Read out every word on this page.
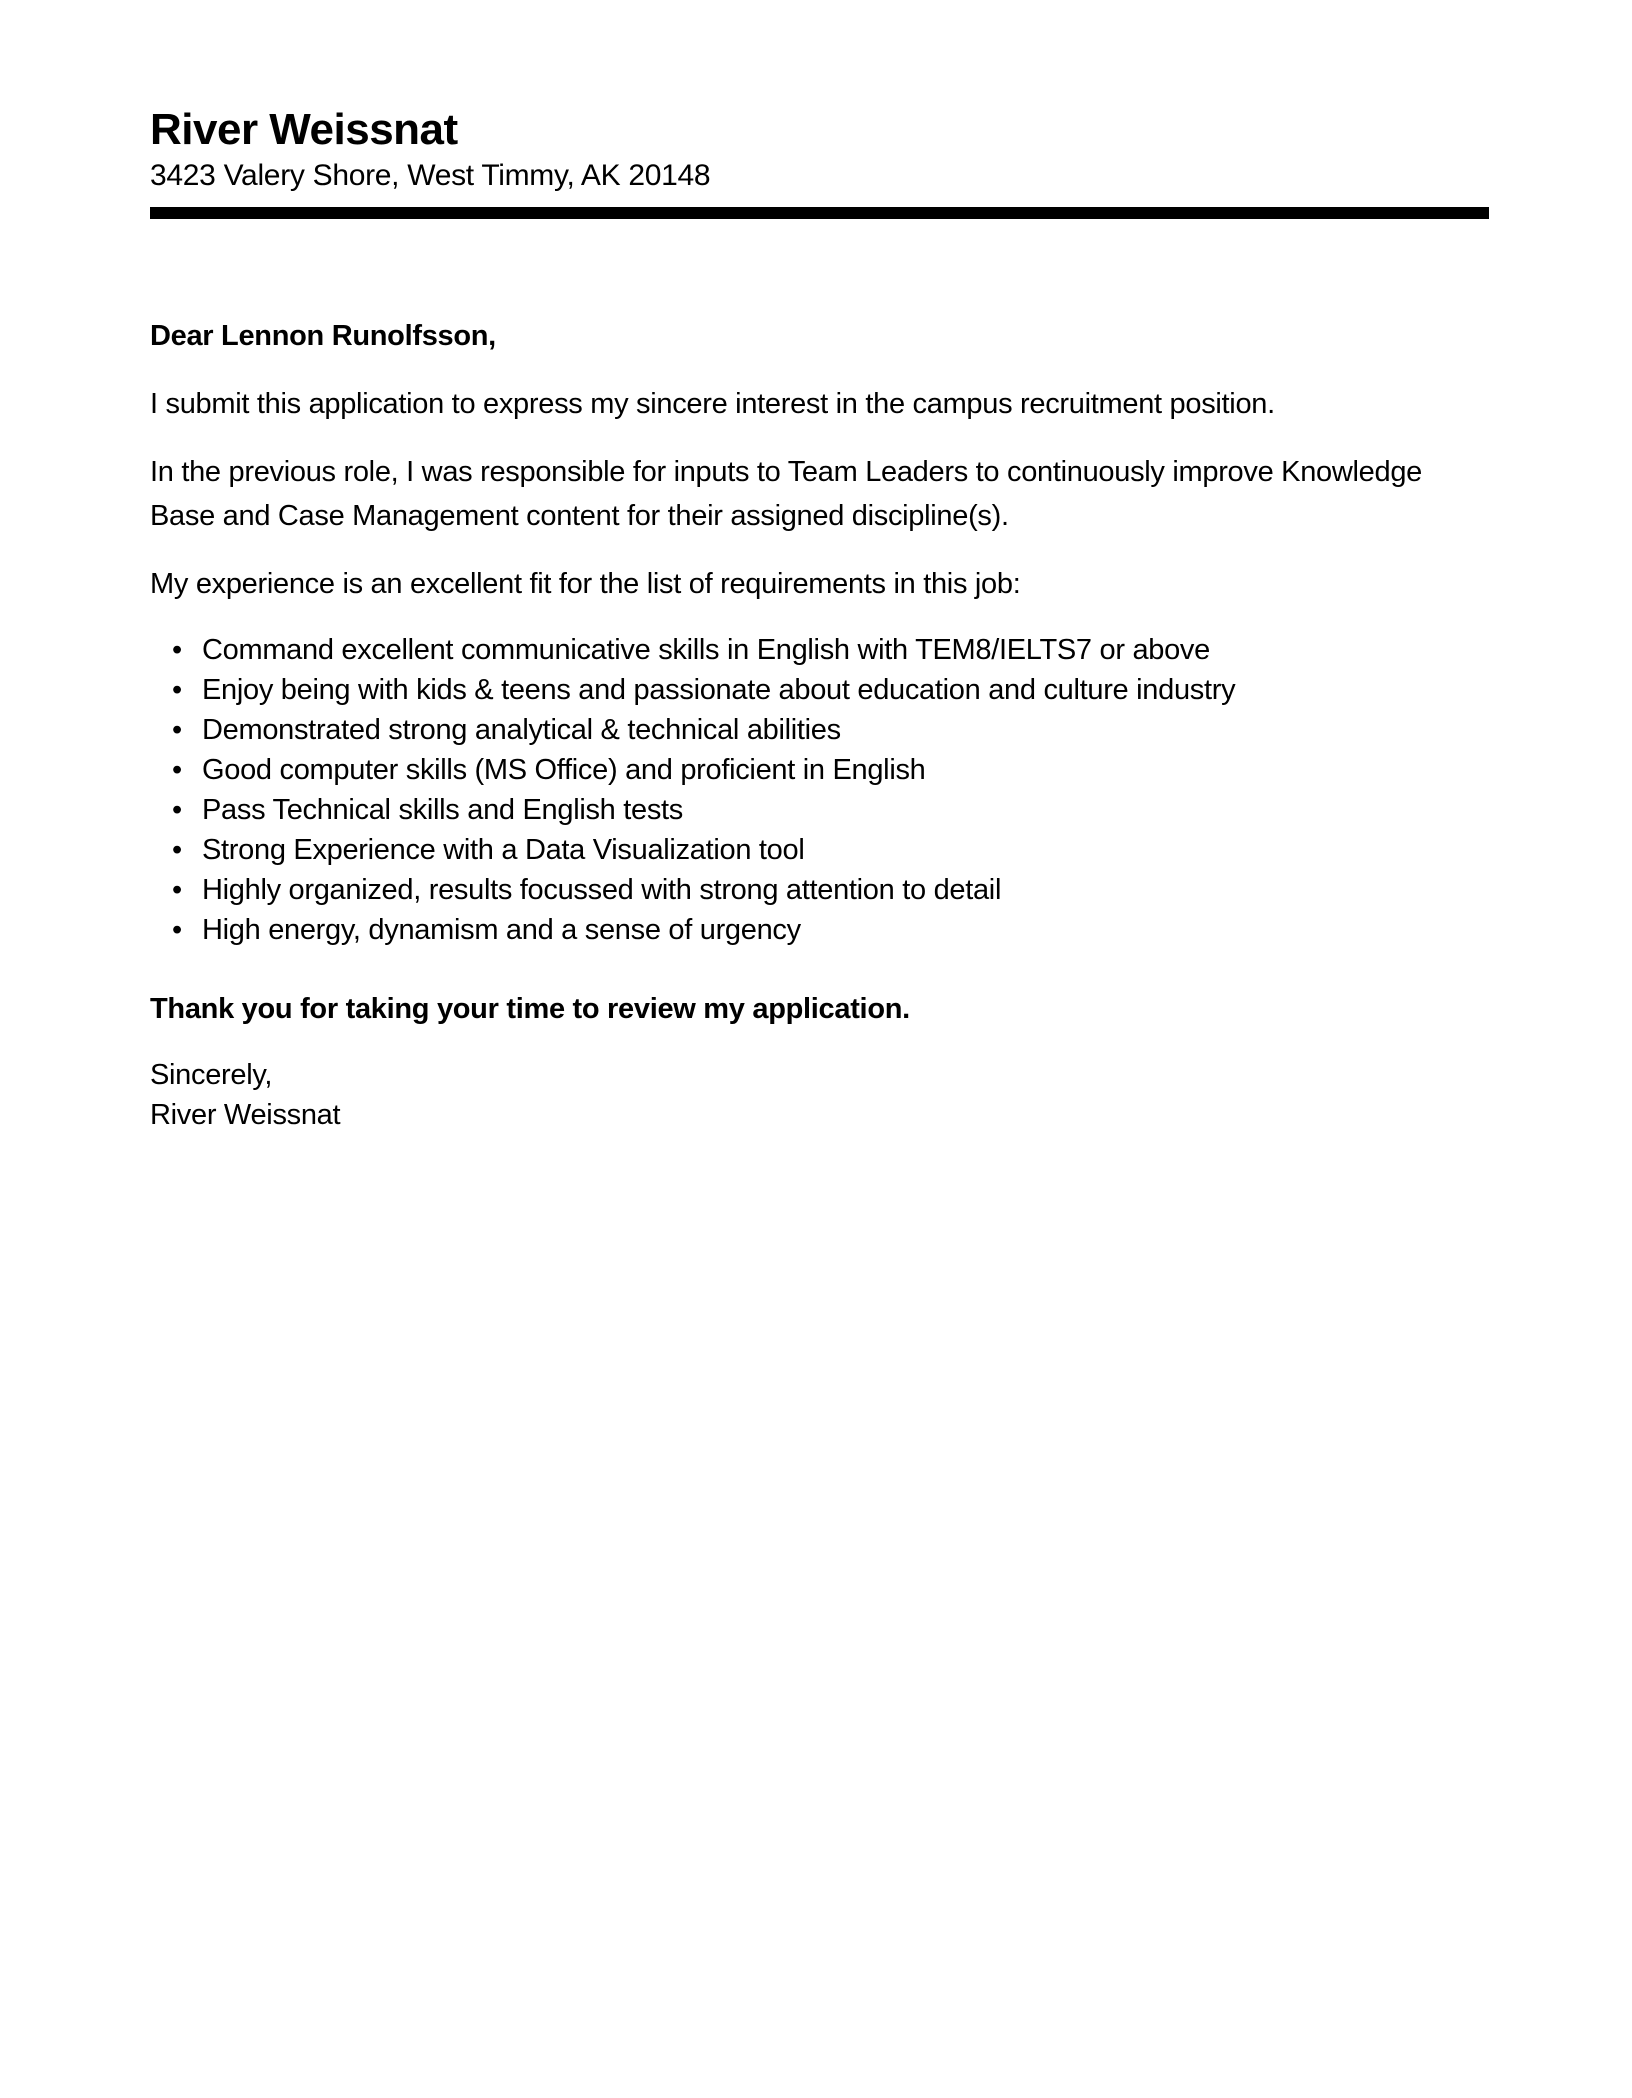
River Weissnat
3423 Valery Shore, West Timmy, AK 20148

Dear Lennon Runolfsson,

I submit this application to express my sincere interest in the campus recruitment position.

In the previous role, I was responsible for inputs to Team Leaders to continuously improve Knowledge Base and Case Management content for their assigned discipline(s).

My experience is an excellent fit for the list of requirements in this job:

• Command excellent communicative skills in English with TEM8/IELTS7 or above
• Enjoy being with kids & teens and passionate about education and culture industry
• Demonstrated strong analytical & technical abilities
• Good computer skills (MS Office) and proficient in English
• Pass Technical skills and English tests
• Strong Experience with a Data Visualization tool
• Highly organized, results focussed with strong attention to detail
• High energy, dynamism and a sense of urgency

Thank you for taking your time to review my application.

Sincerely,
River Weissnat
